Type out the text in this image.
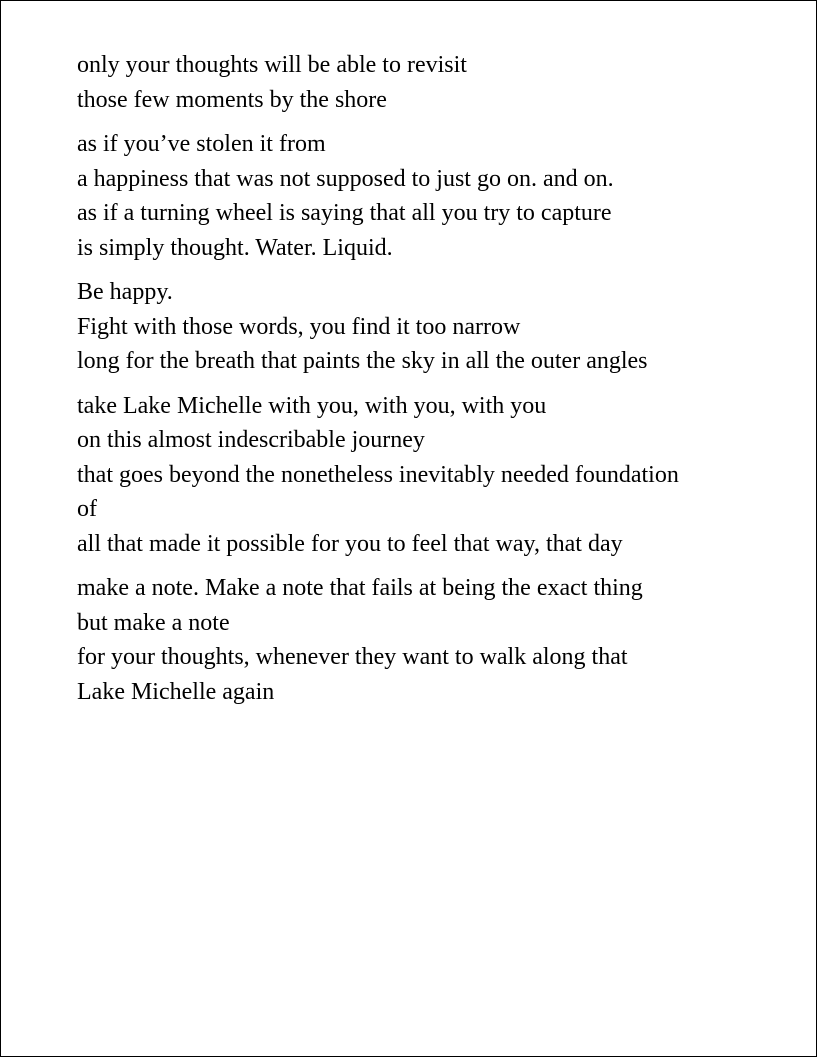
only your thoughts will be able to revisit
those few moments by the shore
as if you’ve stolen it from
a happiness that was not supposed to just go on. and on.
as if a turning wheel is saying that all you try to capture
is simply thought. Water. Liquid.
Be happy.
Fight with those words, you find it too narrow
long for the breath that paints the sky in all the outer angles
take Lake Michelle with you, with you, with you
on this almost indescribable journey
that goes beyond the nonetheless inevitably needed foundation
of
all that made it possible for you to feel that way, that day
make a note. Make a note that fails at being the exact thing
but make a note
for your thoughts, whenever they want to walk along that
Lake Michelle again
